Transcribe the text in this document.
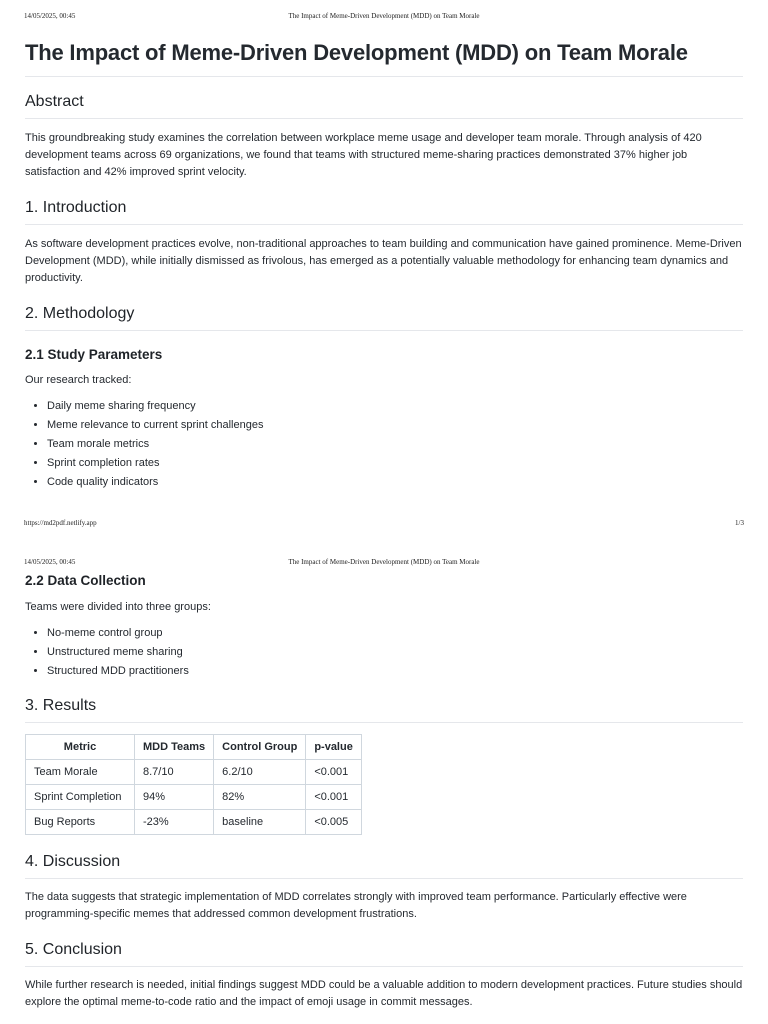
14/05/2025, 00:45	The Impact of Meme-Driven Development (MDD) on Team Morale
The Impact of Meme-Driven Development (MDD) on Team Morale
Abstract

This groundbreaking study examines the correlation between workplace meme usage and developer team morale. Through analysis of 420 development teams across 69 organizations, we found that teams with structured meme-sharing practices demonstrated 37% higher job satisfaction and 42% improved sprint velocity.

1. Introduction

As software development practices evolve, non-traditional approaches to team building and communication have gained prominence. Meme-Driven Development (MDD), while initially dismissed as frivolous, has emerged as a potentially valuable methodology for enhancing team dynamics and productivity.

2. Methodology
2.1 Study Parameters

Our research tracked:

• Daily meme sharing frequency
• Meme relevance to current sprint challenges
• Team morale metrics
• Sprint completion rates
• Code quality indicators
https://md2pdf.netlify.app	1/3
14/05/2025, 00:45	The Impact of Meme-Driven Development (MDD) on Team Morale
2.2 Data Collection

Teams were divided into three groups:

• No-meme control group
• Unstructured meme sharing
• Structured MDD practitioners
3. Results
Metric	MDD Teams	Control Group	p-value
Team Morale	8.7/10	6.2/10	<0.001
Sprint Completion	94%	82%	<0.001
Bug Reports	-23%	baseline	<0.005
4. Discussion

The data suggests that strategic implementation of MDD correlates strongly with improved team performance. Particularly effective were programming-specific memes that addressed common development frustrations.

5. Conclusion

While further research is needed, initial findings suggest MDD could be a valuable addition to modern development practices. Future studies should explore the optimal meme-to-code ratio and the impact of emoji usage in commit messages.
